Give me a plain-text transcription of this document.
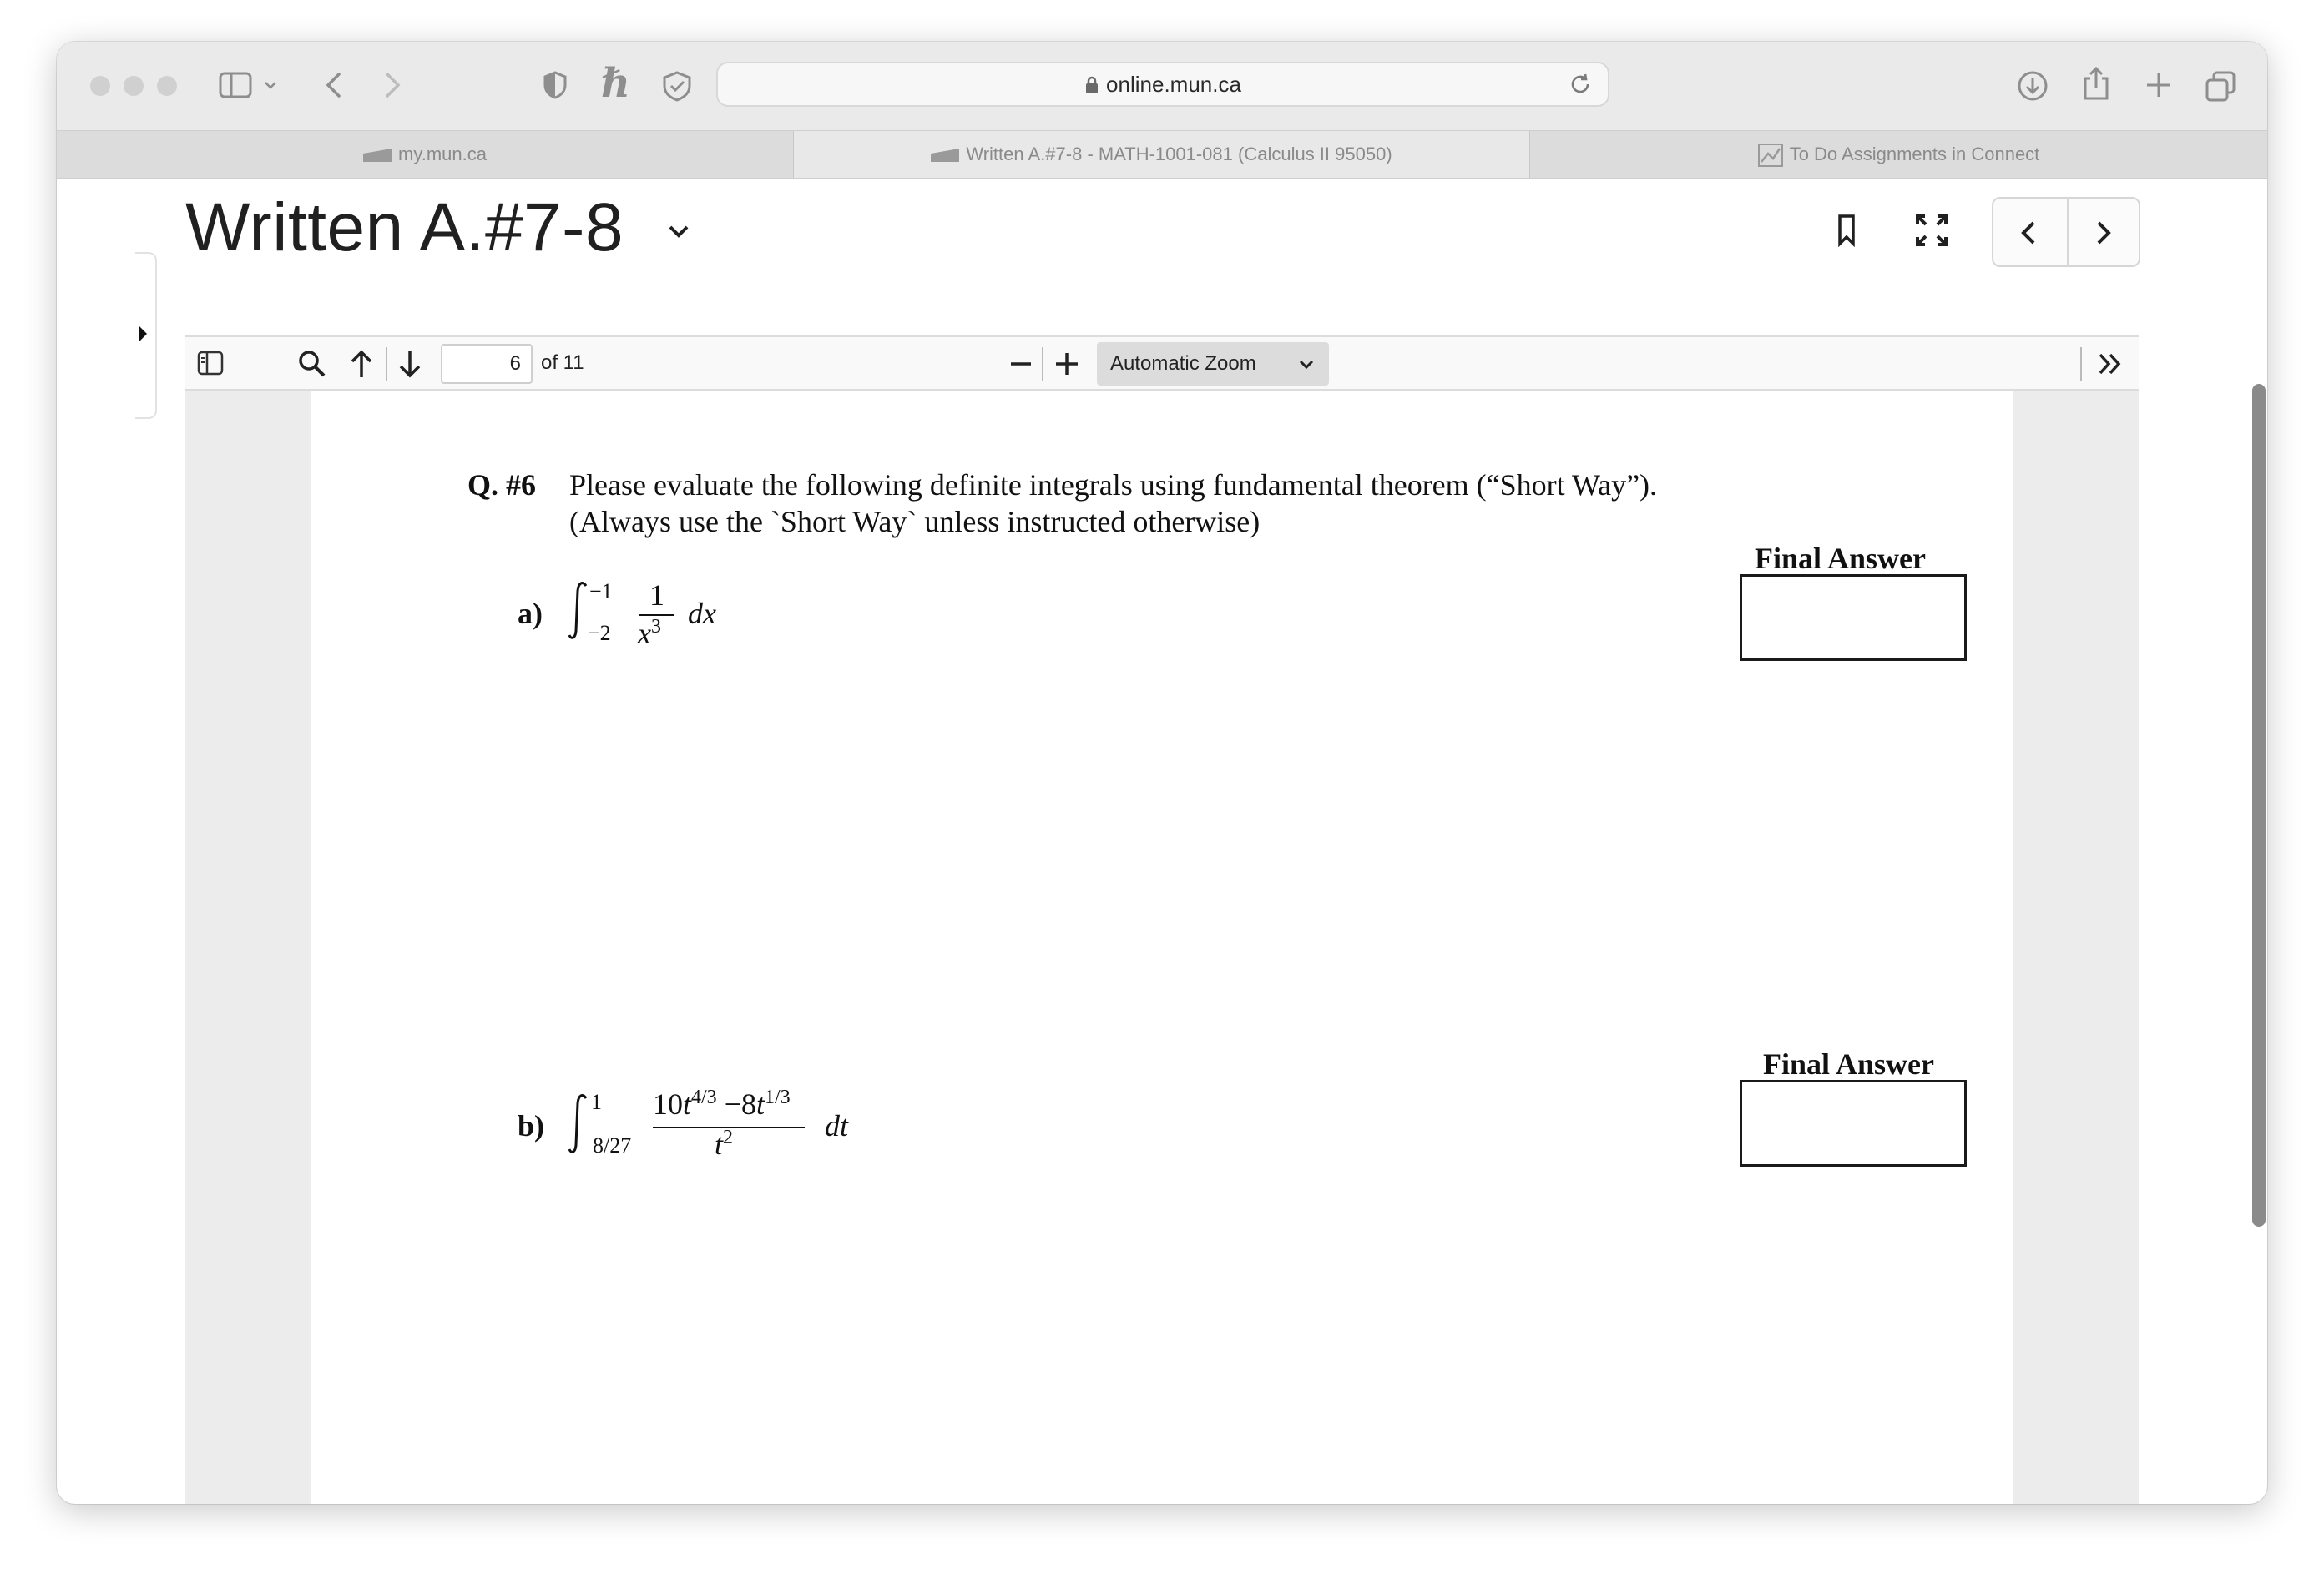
ℏ	online.mun.ca
my.mun.ca	Written A.#7-8 - MATH-1001-081 (Calculus II 95050)	To Do Assignments in Connect
Written A.#7-8
6	of 11	Automatic Zoom
Q. #6 Please evaluate the following definite integrals using fundamental theorem (“Short Way”).
(Always use the `Short Way` unless instructed otherwise)
Final Answer
a)
−1
−2
1
$x^3$ dx
Final Answer
b)
1
8/27
$10t^{4/3} -8t^{1/3}$
$t^2$	dt
